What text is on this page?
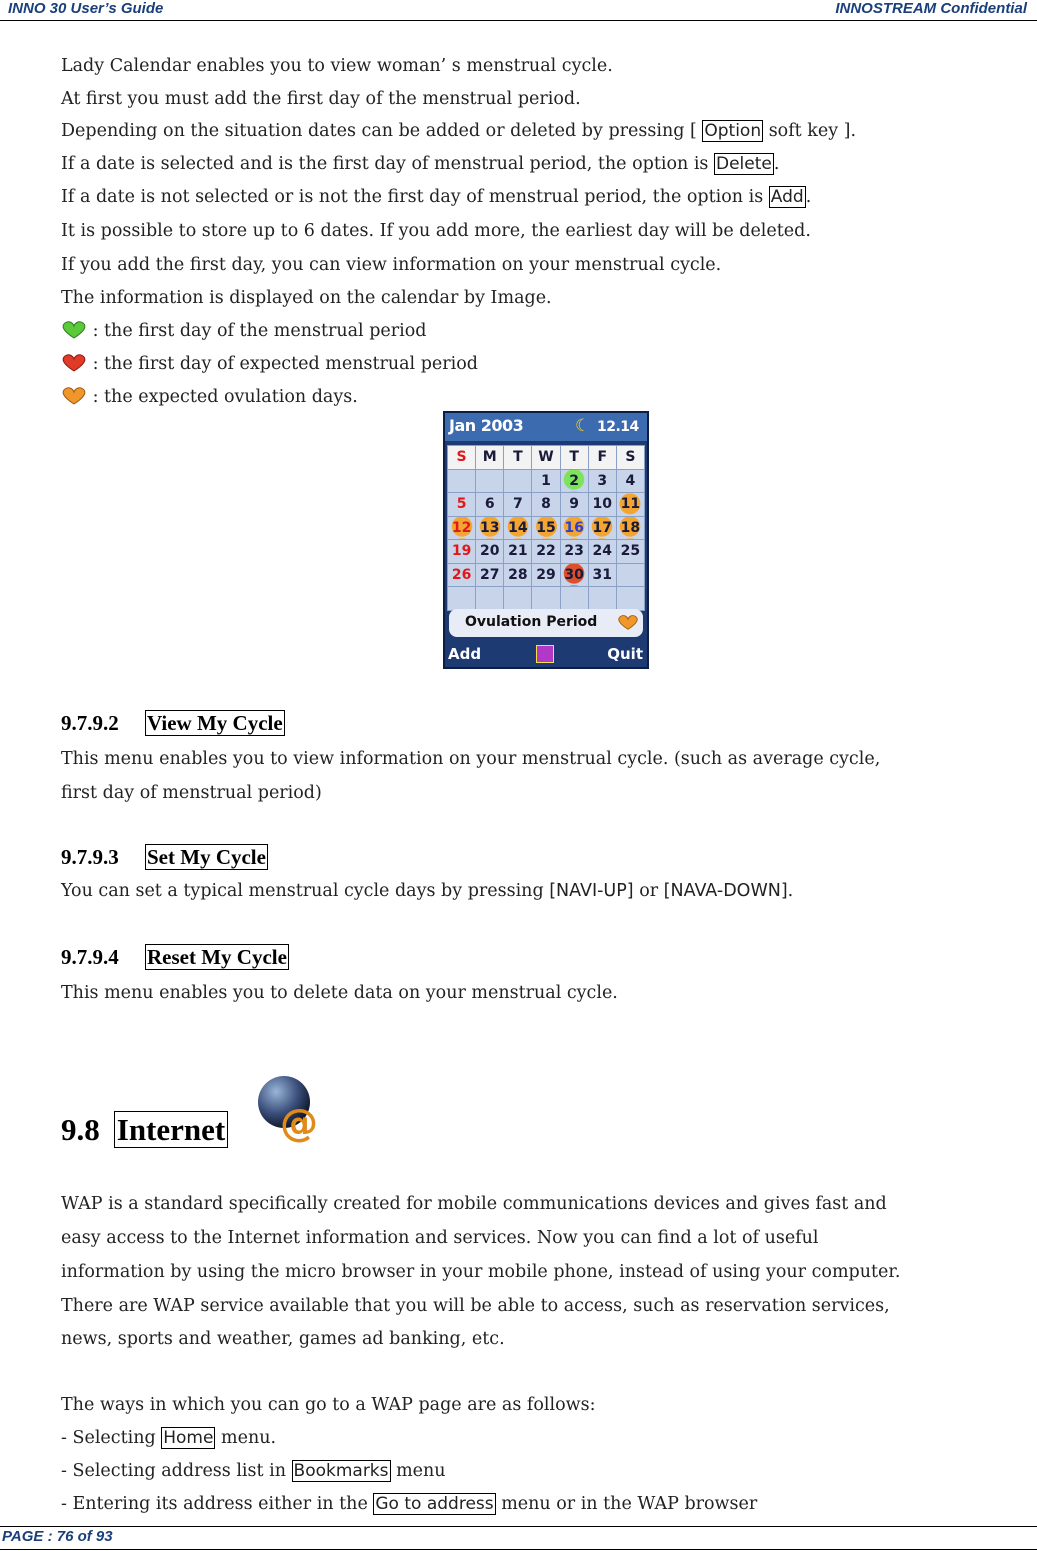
INNO 30 User’s Guide	INNOSTREAM Confidential
Lady Calendar enables you to view woman’ s menstrual cycle.
At first you must add the first day of the menstrual period.
Depending on the situation dates can be added or deleted by pressing [ Option soft key ].
If a date is selected and is the first day of menstrual period, the option is Delete .
If a date is not selected or is not the first day of menstrual period, the option is Add .
It is possible to store up to 6 dates. If you add more, the earliest day will be deleted.
If you add the first day, you can view information on your menstrual cycle.
The information is displayed on the calendar by Image.
: the first day of the menstrual period
: the first day of expected menstrual period
: the expected ovulation days.
Jan 2003	☾ 12.14
S	M	T	W	T	F	S
			1	2	3	4
5	6	7	8	9	10	11
12	13	14	15	16	17	18
19	20	21	22	23	24	25
26	27	28	29	30	31	

Ovulation Period
Add	Quit
9.7.9.2 View My Cycle
This menu enables you to view information on your menstrual cycle. (such as average cycle,
first day of menstrual period)
9.7.9.3 Set My Cycle
You can set a typical menstrual cycle days by pressing [NAVI-UP] or [NAVA-DOWN].
9.7.9.4 Reset My Cycle
This menu enables you to delete data on your menstrual cycle.
9.8 Internet @
WAP is a standard specifically created for mobile communications devices and gives fast and
easy access to the Internet information and services. Now you can find a lot of useful
information by using the micro browser in your mobile phone, instead of using your computer.
There are WAP service available that you will be able to access, such as reservation services,
news, sports and weather, games ad banking, etc.
The ways in which you can go to a WAP page are as follows:
- Selecting Home menu.
- Selecting address list in Bookmarks menu
- Entering its address either in the Go to address menu or in the WAP browser
PAGE : 76 of 93
